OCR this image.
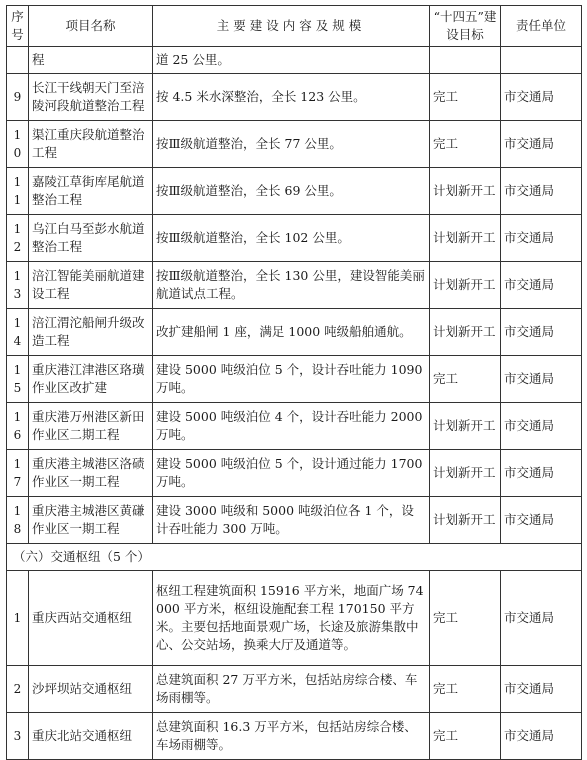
序号	项目名称	主要建设内容及规模	“十四五”建设目标	责任单位
	程	道 25 公里。		
9	长江干线朝天门至涪陵河段航道整治工程	按 4.5 米水深整治，全长 123 公里。	完工	市交通局
10	渠江重庆段航道整治工程	按Ⅲ级航道整治，全长 77 公里。	完工	市交通局
11	嘉陵江草街库尾航道整治工程	按Ⅲ级航道整治，全长 69 公里。	计划新开工	市交通局
12	乌江白马至彭水航道整治工程	按Ⅲ级航道整治，全长 102 公里。	计划新开工	市交通局
13	涪江智能美丽航道建设工程	按Ⅲ级航道整治，全长 130 公里，建设智能美丽航道试点工程。	计划新开工	市交通局
14	涪江渭沱船闸升级改造工程	改扩建船闸 1 座，满足 1000 吨级船舶通航。	计划新开工	市交通局
15	重庆港江津港区珞璜作业区改扩建	建设 5000 吨级泊位 5 个，设计吞吐能力 1090 万吨。	完工	市交通局
16	重庆港万州港区新田作业区二期工程	建设 5000 吨级泊位 4 个，设计吞吐能力 2000 万吨。	计划新开工	市交通局
17	重庆港主城港区洛碛作业区一期工程	建设 5000 吨级泊位 5 个，设计通过能力 1700 万吨。	计划新开工	市交通局
18	重庆港主城港区黄磏作业区一期工程	建设 3000 吨级和 5000 吨级泊位各 1 个，设计吞吐能力 300 万吨。	计划新开工	市交通局
（六）交通枢纽（5 个）				
1	重庆西站交通枢纽	枢纽工程建筑面积 15916 平方米，地面广场 74000 平方米，枢纽设施配套工程 170150 平方米。主要包括地面景观广场，长途及旅游集散中心、公交站场，换乘大厅及通道等。	完工	市交通局
2	沙坪坝站交通枢纽	总建筑面积 27 万平方米，包括站房综合楼、车场雨棚等。	完工	市交通局
3	重庆北站交通枢纽	总建筑面积 16.3 万平方米，包括站房综合楼、车场雨棚等。	完工	市交通局
